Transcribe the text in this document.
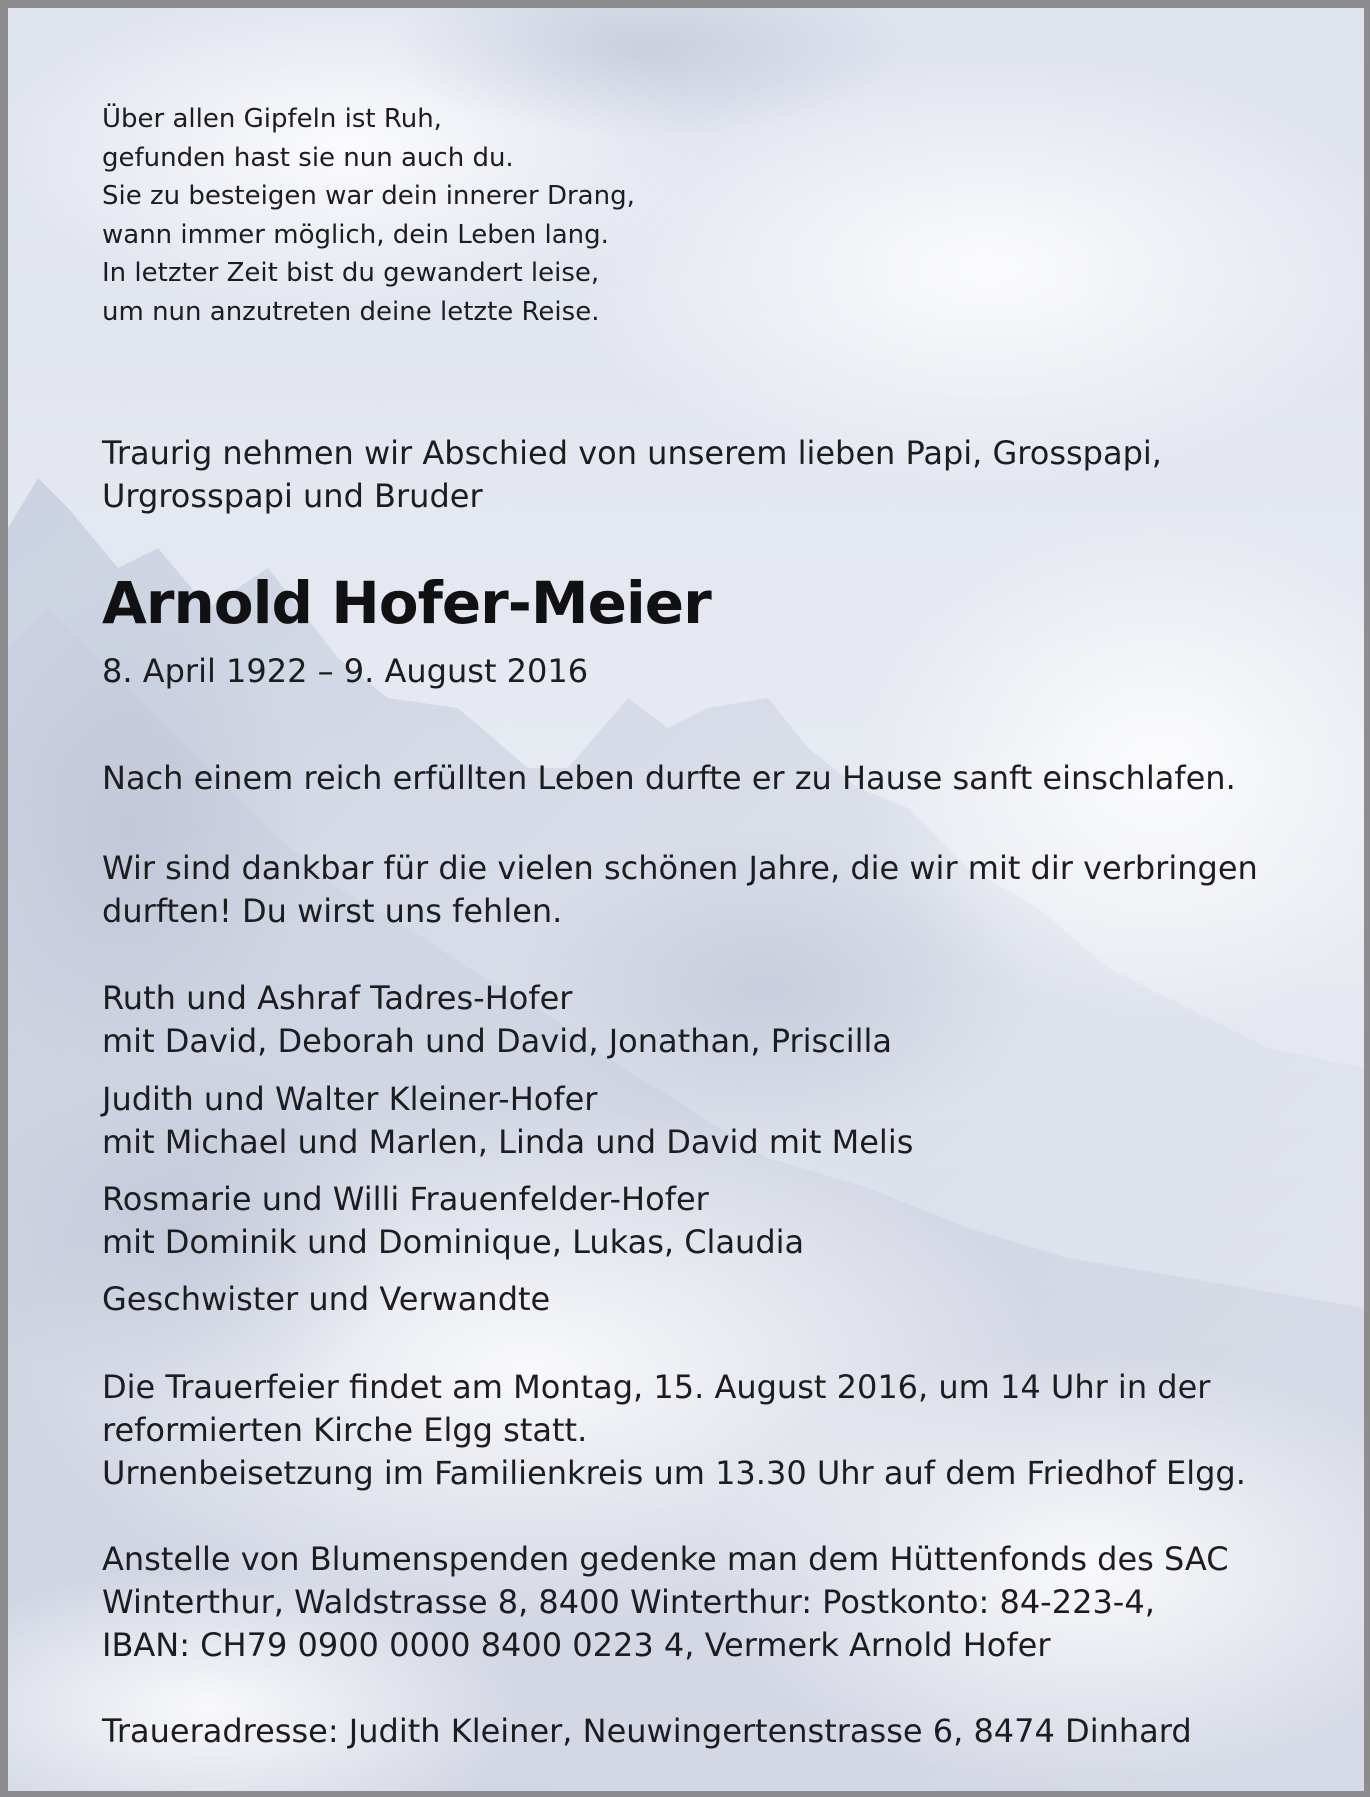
Über allen Gipfeln ist Ruh,
gefunden hast sie nun auch du.
Sie zu besteigen war dein innerer Drang,
wann immer möglich, dein Leben lang.
In letzter Zeit bist du gewandert leise,
um nun anzutreten deine letzte Reise.

Traurig nehmen wir Abschied von unserem lieben Papi, Grosspapi,
Urgrosspapi und Bruder

Arnold Hofer-Meier

8. April 1922 – 9. August 2016

Nach einem reich erfüllten Leben durfte er zu Hause sanft einschlafen.

Wir sind dankbar für die vielen schönen Jahre, die wir mit dir verbringen
durften! Du wirst uns fehlen.

Ruth und Ashraf Tadres-Hofer
mit David, Deborah und David, Jonathan, Priscilla

Judith und Walter Kleiner-Hofer
mit Michael und Marlen, Linda und David mit Melis

Rosmarie und Willi Frauenfelder-Hofer
mit Dominik und Dominique, Lukas, Claudia

Geschwister und Verwandte

Die Trauerfeier findet am Montag, 15. August 2016, um 14 Uhr in der
reformierten Kirche Elgg statt.
Urnenbeisetzung im Familienkreis um 13.30 Uhr auf dem Friedhof Elgg.

Anstelle von Blumenspenden gedenke man dem Hüttenfonds des SAC
Winterthur, Waldstrasse 8, 8400 Winterthur: Postkonto: 84-223-4,
IBAN: CH79 0900 0000 8400 0223 4, Vermerk Arnold Hofer

Traueradresse: Judith Kleiner, Neuwingertenstrasse 6, 8474 Dinhard
